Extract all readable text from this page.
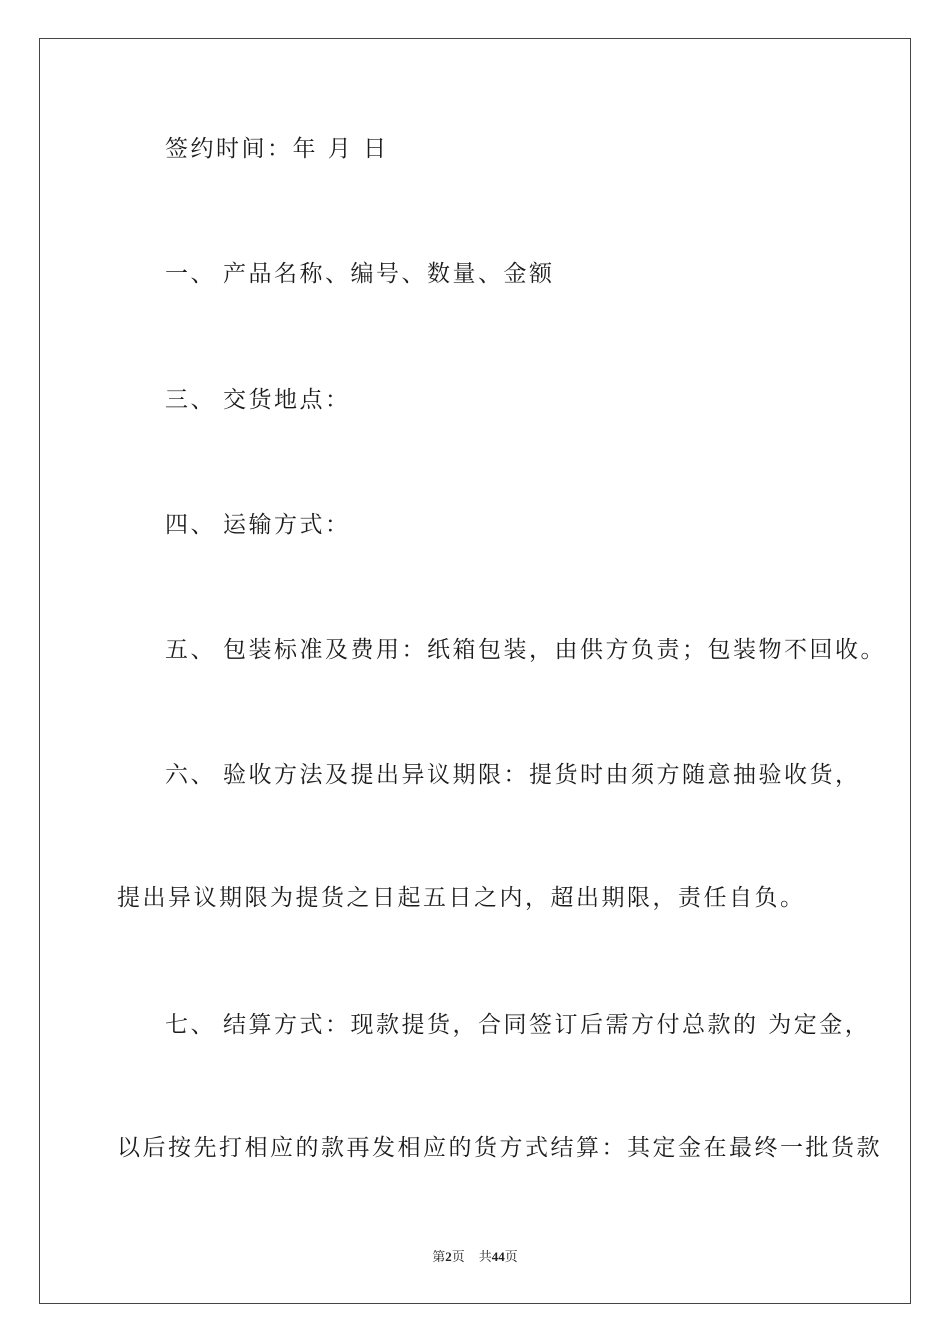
签约时间：年 月 日

一、 产品名称、编号、数量、金额

三、 交货地点：

四、 运输方式：

五、 包装标准及费用：纸箱包装，由供方负责；包装物不回收。

六、 验收方法及提出异议期限：提货时由须方随意抽验收货，

提出异议期限为提货之日起五日之内，超出期限，责任自负。

七、 结算方式：现款提货，合同签订后需方付总款的 为定金，

以后按先打相应的款再发相应的货方式结算：其定金在最终一批货款

第2页 共44页
